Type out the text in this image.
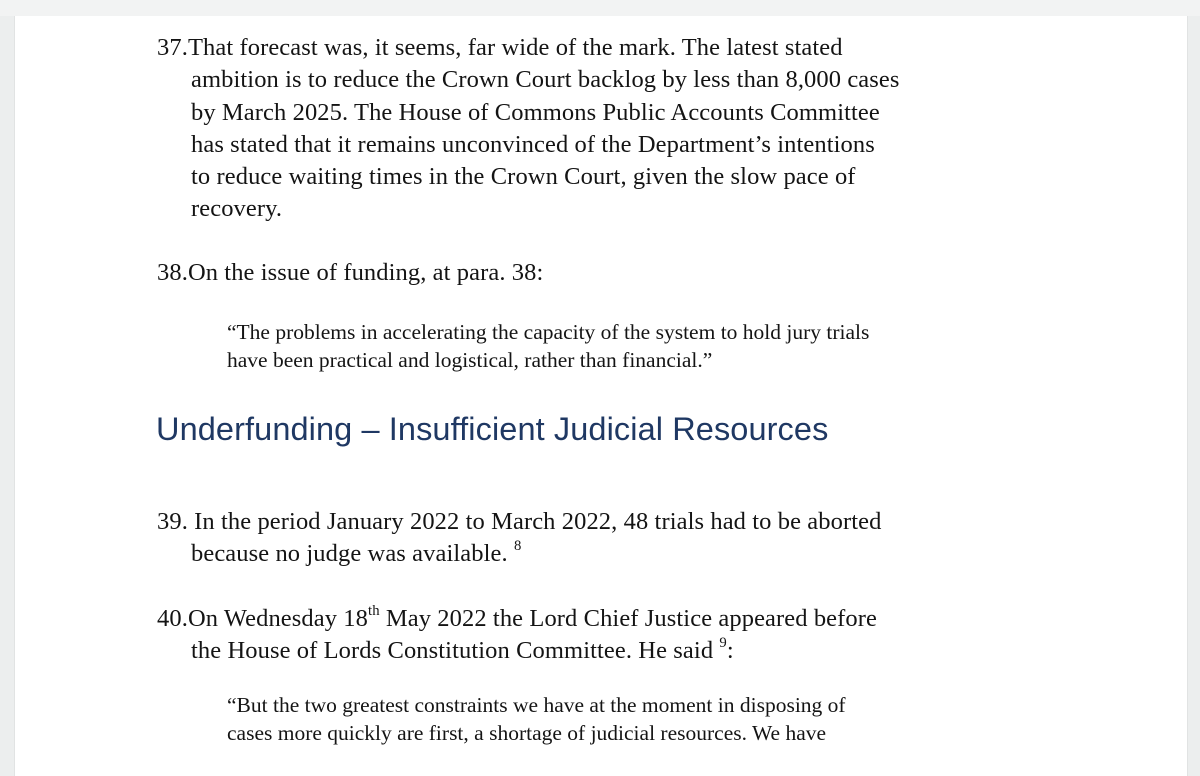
37.That forecast was, it seems, far wide of the mark. The latest stated
ambition is to reduce the Crown Court backlog by less than 8,000 cases
by March 2025. The House of Commons Public Accounts Committee
has stated that it remains unconvinced of the Department’s intentions
to reduce waiting times in the Crown Court, given the slow pace of
recovery.
38.On the issue of funding, at para. 38:
“The problems in accelerating the capacity of the system to hold jury trials
have been practical and logistical, rather than financial.”
Underfunding – Insufficient Judicial Resources
39. In the period January 2022 to March 2022, 48 trials had to be aborted
because no judge was available. $^8$
40.On Wednesday 18th May 2022 the Lord Chief Justice appeared before
the House of Lords Constitution Committee. He said $^9$:
“But the two greatest constraints we have at the moment in disposing of
cases more quickly are first, a shortage of judicial resources. We have
